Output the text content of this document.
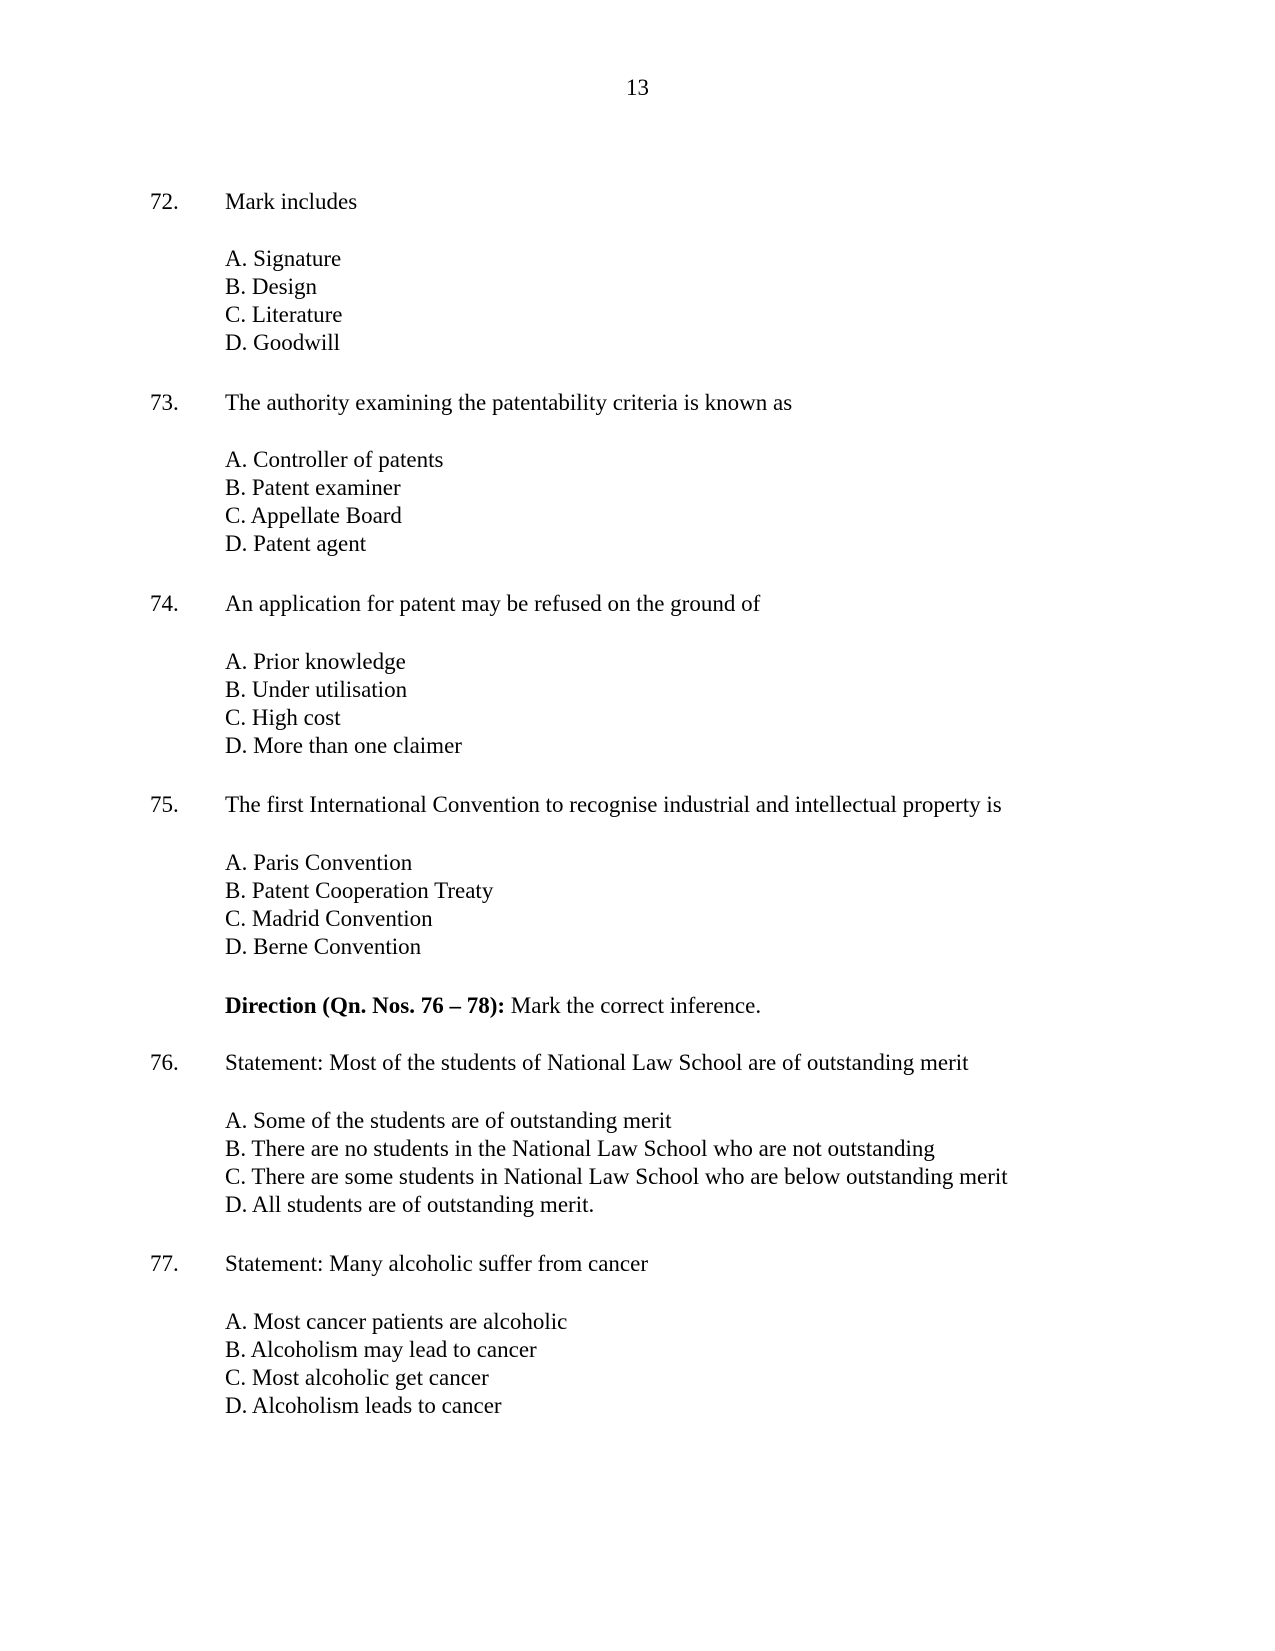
13
72. Mark includes
A. Signature
B. Design
C. Literature
D. Goodwill
73. The authority examining the patentability criteria is known as
A. Controller of patents
B. Patent examiner
C. Appellate Board
D. Patent agent
74. An application for patent may be refused on the ground of
A. Prior knowledge
B. Under utilisation
C. High cost
D. More than one claimer
75. The first International Convention to recognise industrial and intellectual property is
A. Paris Convention
B. Patent Cooperation Treaty
C. Madrid Convention
D. Berne Convention
Direction (Qn. Nos. 76 – 78): Mark the correct inference.
76. Statement: Most of the students of National Law School are of outstanding merit
A. Some of the students are of outstanding merit
B. There are no students in the National Law School who are not outstanding
C. There are some students in National Law School who are below outstanding merit
D. All students are of outstanding merit.
77. Statement: Many alcoholic suffer from cancer
A. Most cancer patients are alcoholic
B. Alcoholism may lead to cancer
C. Most alcoholic get cancer
D. Alcoholism leads to cancer
